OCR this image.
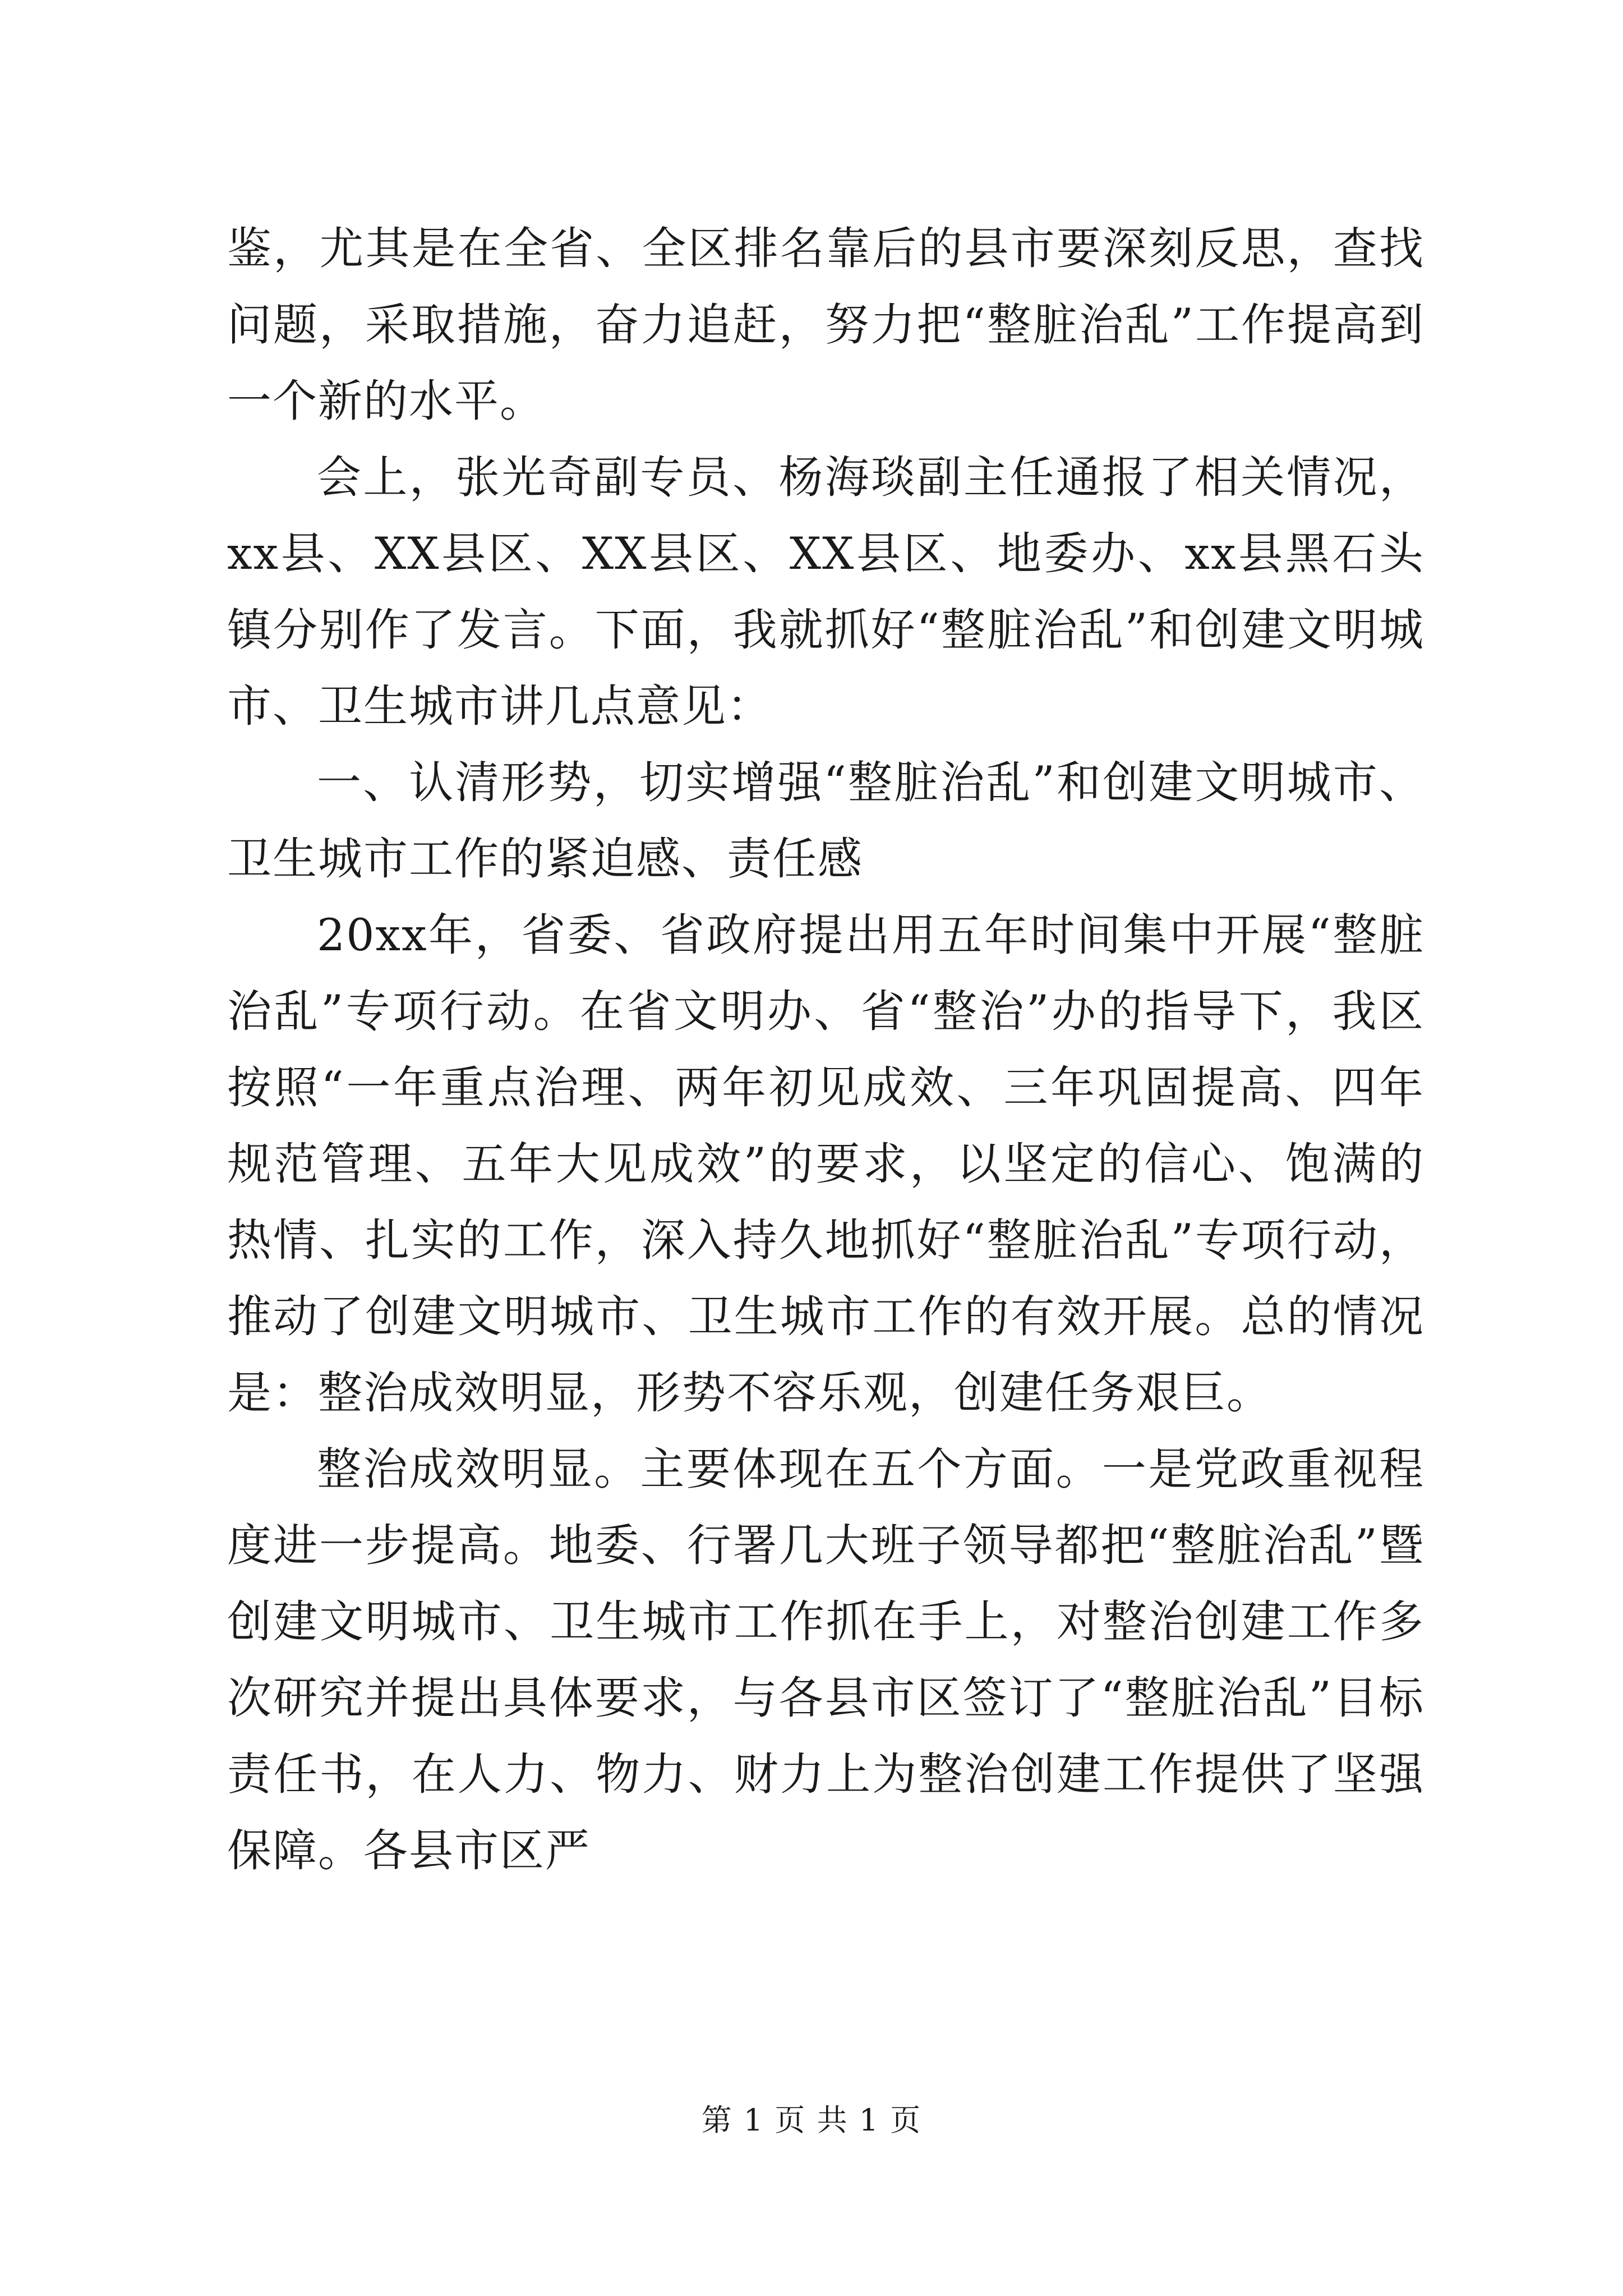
鉴，尤其是在全省、全区排名靠后的县市要深刻反思，查找问题，采取措施，奋力追赶，努力把“整脏治乱”工作提高到一个新的水平。

会上，张光奇副专员、杨海琰副主任通报了相关情况，xx县、XX县区、XX县区、XX县区、地委办、xx县黑石头镇分别作了发言。下面，我就抓好“整脏治乱”和创建文明城市、卫生城市讲几点意见：

一、认清形势，切实增强“整脏治乱”和创建文明城市、卫生城市工作的紧迫感、责任感

20xx年，省委、省政府提出用五年时间集中开展“整脏治乱”专项行动。在省文明办、省“整治”办的指导下，我区按照“一年重点治理、两年初见成效、三年巩固提高、四年规范管理、五年大见成效”的要求，以坚定的信心、饱满的热情、扎实的工作，深入持久地抓好“整脏治乱”专项行动，推动了创建文明城市、卫生城市工作的有效开展。总的情况是：整治成效明显，形势不容乐观，创建任务艰巨。

整治成效明显。主要体现在五个方面。一是党政重视程度进一步提高。地委、行署几大班子领导都把“整脏治乱”暨创建文明城市、卫生城市工作抓在手上，对整治创建工作多次研究并提出具体要求，与各县市区签订了“整脏治乱”目标责任书，在人力、物力、财力上为整治创建工作提供了坚强保障。各县市区严

第 1 页 共 1 页
